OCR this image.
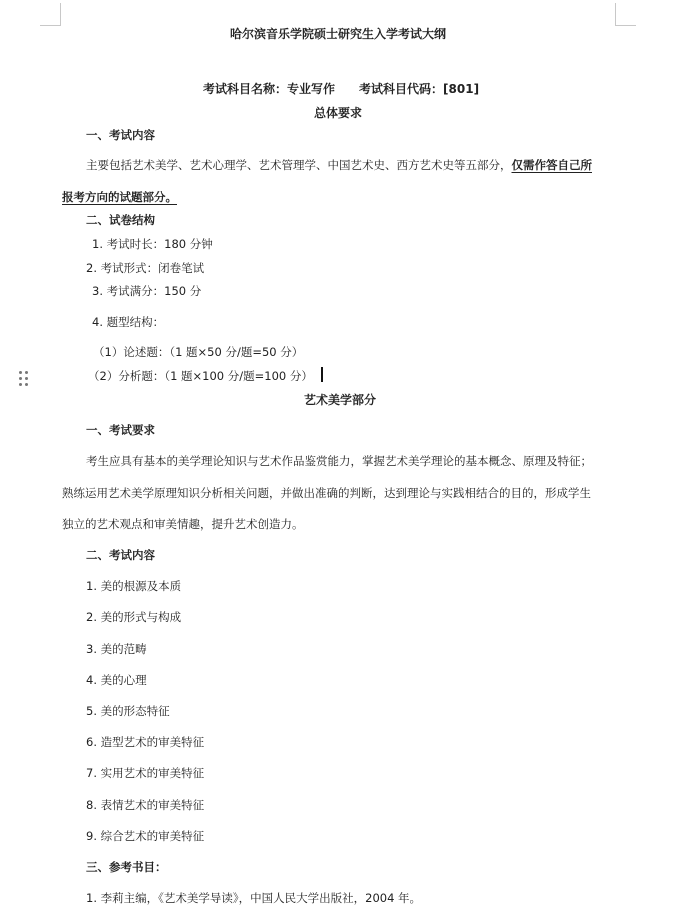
哈尔滨音乐学院硕士研究生入学考试大纲
考试科目名称：专业写作 考试科目代码：[801]
总体要求
一、考试内容
主要包括艺术美学、艺术心理学、艺术管理学、中国艺术史、西方艺术史等五部分，仅需作答自己所
报考方向的试题部分。
二、试卷结构
1. 考试时长：180 分钟
2. 考试形式：闭卷笔试
3. 考试满分：150 分
4. 题型结构：
（1）论述题：（1 题×50 分/题=50 分）
（2）分析题：（1 题×100 分/题=100 分）
艺术美学部分
一、考试要求
考生应具有基本的美学理论知识与艺术作品鉴赏能力，掌握艺术美学理论的基本概念、原理及特征；
熟练运用艺术美学原理知识分析相关问题，并做出准确的判断，达到理论与实践相结合的目的，形成学生
独立的艺术观点和审美情趣，提升艺术创造力。
二、考试内容
1. 美的根源及本质
2. 美的形式与构成
3. 美的范畴
4. 美的心理
5. 美的形态特征
6. 造型艺术的审美特征
7. 实用艺术的审美特征
8. 表情艺术的审美特征
9. 综合艺术的审美特征
三、参考书目：
1. 李莉主编，《艺术美学导读》，中国人民大学出版社，2004 年。
